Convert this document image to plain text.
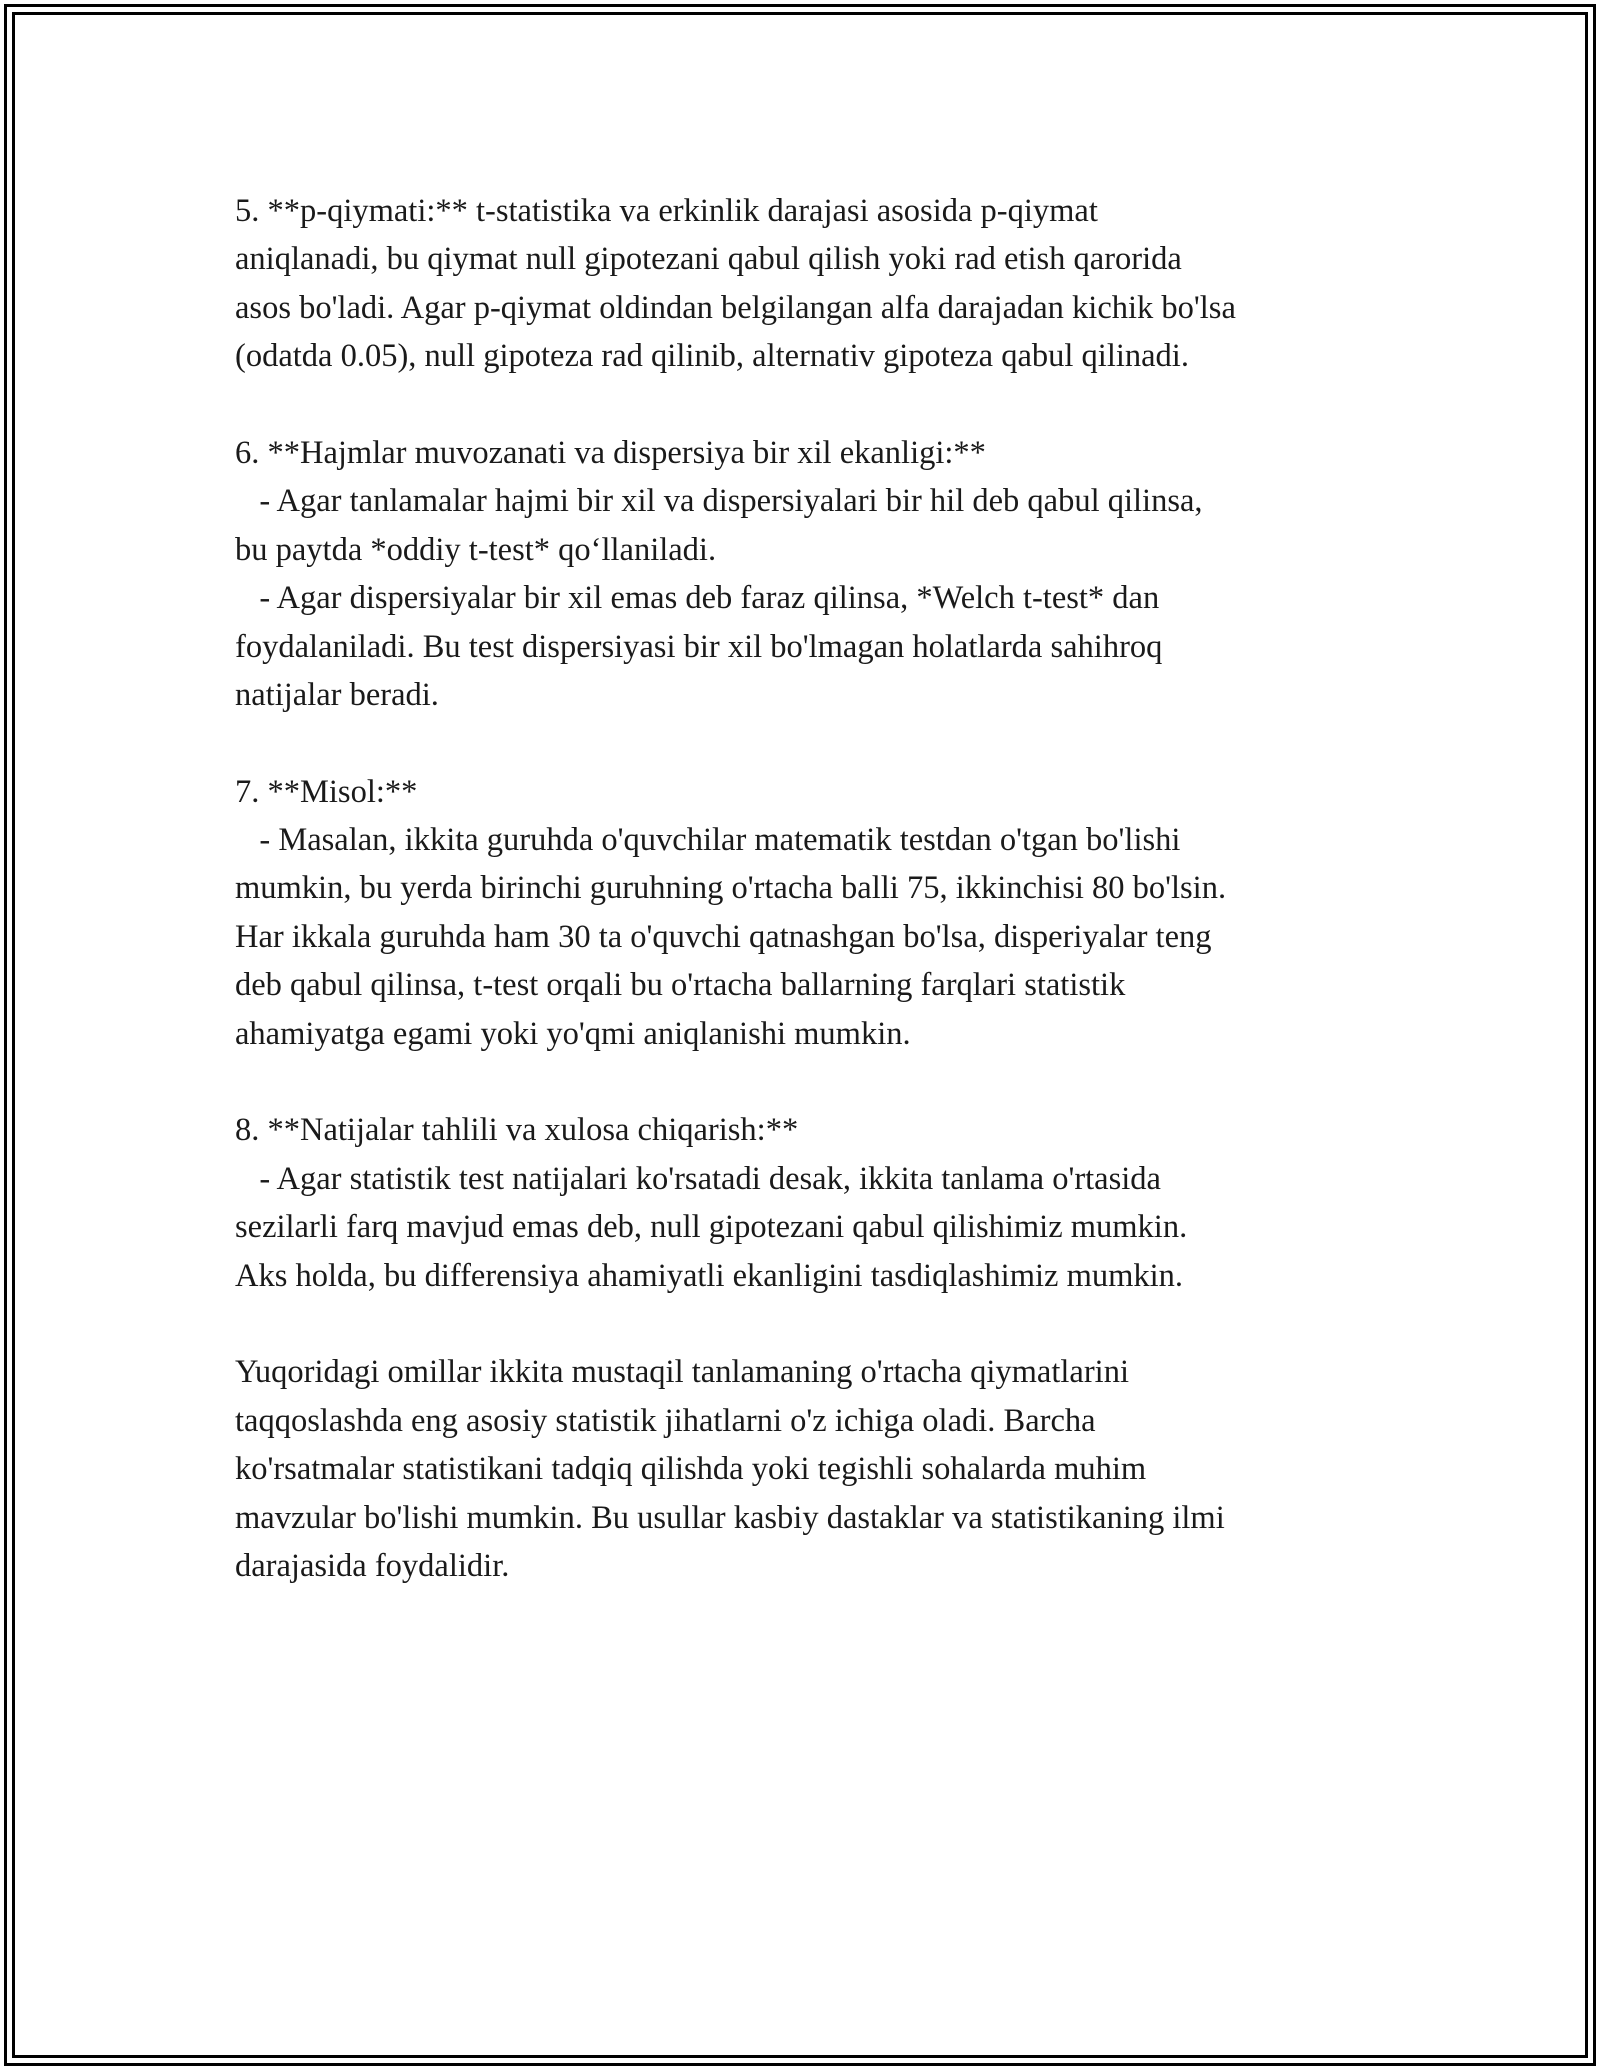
5. **p-qiymati:** t-statistika va erkinlik darajasi asosida p-qiymat
aniqlanadi, bu qiymat null gipotezani qabul qilish yoki rad etish qarorida
asos bo'ladi. Agar p-qiymat oldindan belgilangan alfa darajadan kichik bo'lsa
(odatda 0.05), null gipoteza rad qilinib, alternativ gipoteza qabul qilinadi.
6. **Hajmlar muvozanati va dispersiya bir xil ekanligi:**
- Agar tanlamalar hajmi bir xil va dispersiyalari bir hil deb qabul qilinsa,
bu paytda *oddiy t-test* qo‘llaniladi.
- Agar dispersiyalar bir xil emas deb faraz qilinsa, *Welch t-test* dan
foydalaniladi. Bu test dispersiyasi bir xil bo'lmagan holatlarda sahihroq
natijalar beradi.
7. **Misol:**
- Masalan, ikkita guruhda o'quvchilar matematik testdan o'tgan bo'lishi
mumkin, bu yerda birinchi guruhning o'rtacha balli 75, ikkinchisi 80 bo'lsin.
Har ikkala guruhda ham 30 ta o'quvchi qatnashgan bo'lsa, disperiyalar teng
deb qabul qilinsa, t-test orqali bu o'rtacha ballarning farqlari statistik
ahamiyatga egami yoki yo'qmi aniqlanishi mumkin.
8. **Natijalar tahlili va xulosa chiqarish:**
- Agar statistik test natijalari ko'rsatadi desak, ikkita tanlama o'rtasida
sezilarli farq mavjud emas deb, null gipotezani qabul qilishimiz mumkin.
Aks holda, bu differensiya ahamiyatli ekanligini tasdiqlashimiz mumkin.
Yuqoridagi omillar ikkita mustaqil tanlamaning o'rtacha qiymatlarini
taqqoslashda eng asosiy statistik jihatlarni o'z ichiga oladi. Barcha
ko'rsatmalar statistikani tadqiq qilishda yoki tegishli sohalarda muhim
mavzular bo'lishi mumkin. Bu usullar kasbiy dastaklar va statistikaning ilmi
darajasida foydalidir.
